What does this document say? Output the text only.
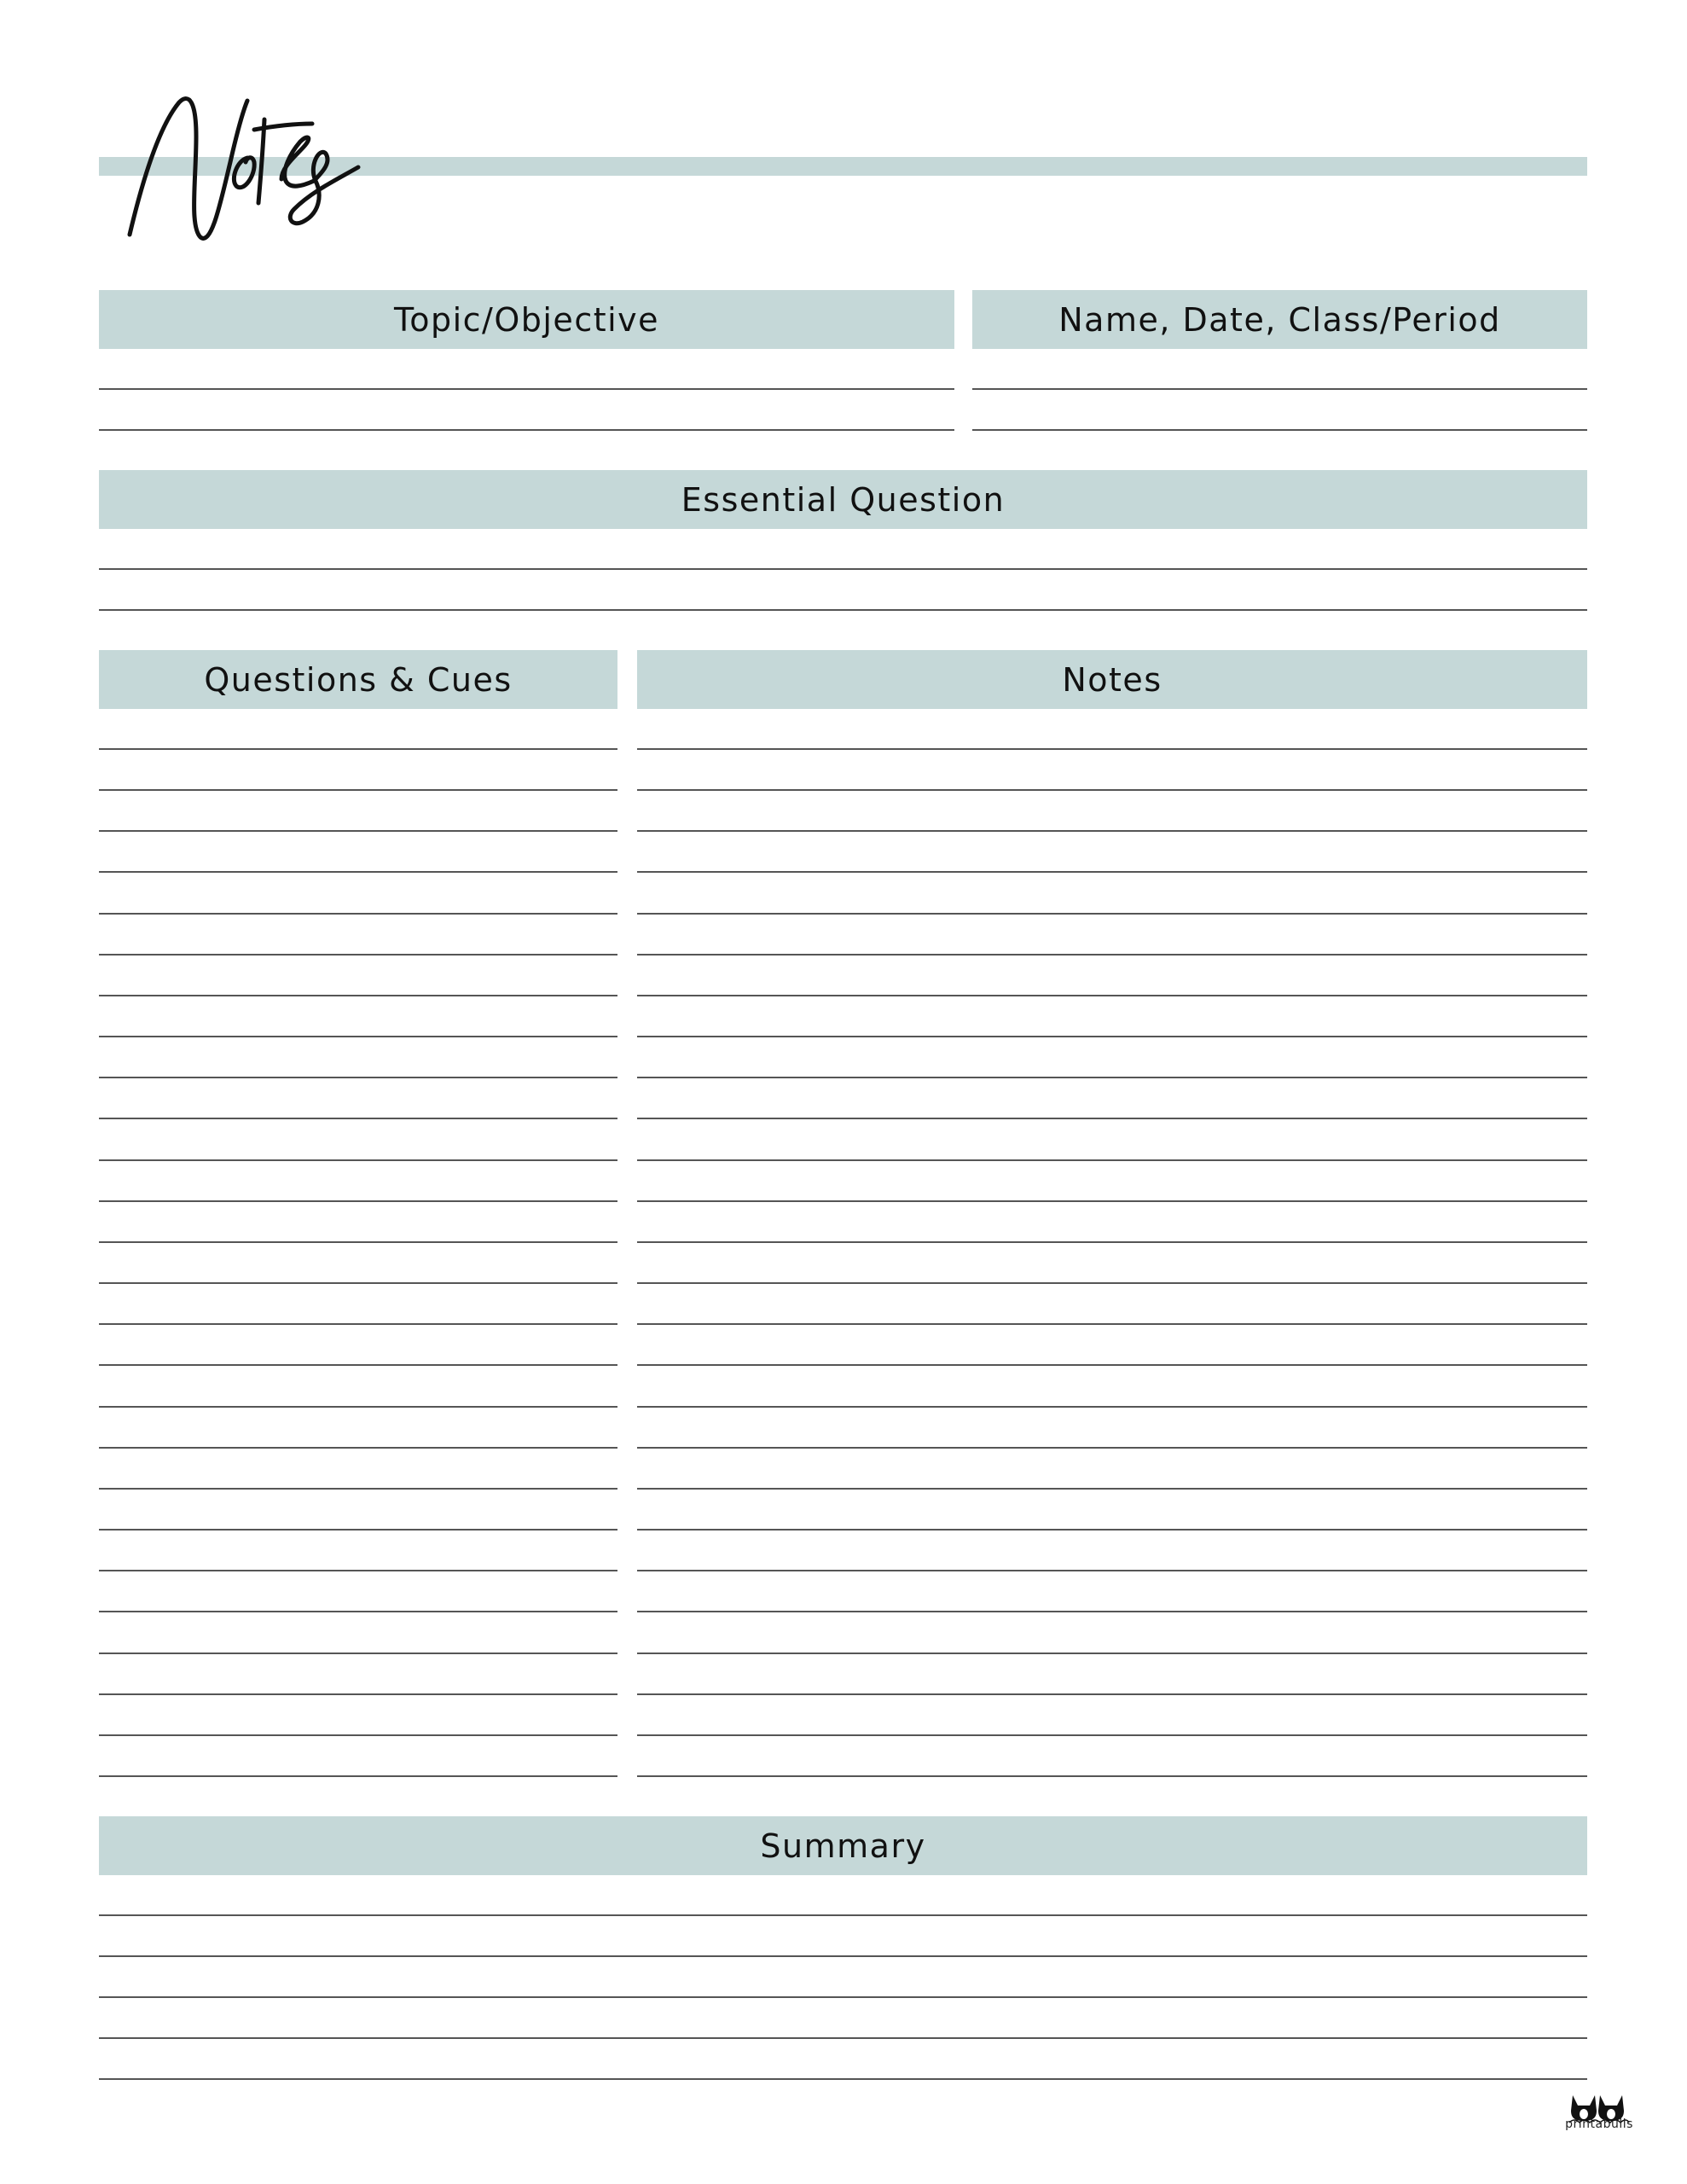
Topic/Objective	Name, Date, Class/Period
Essential Question
Questions & Cues	Notes
Summary
printabulls
